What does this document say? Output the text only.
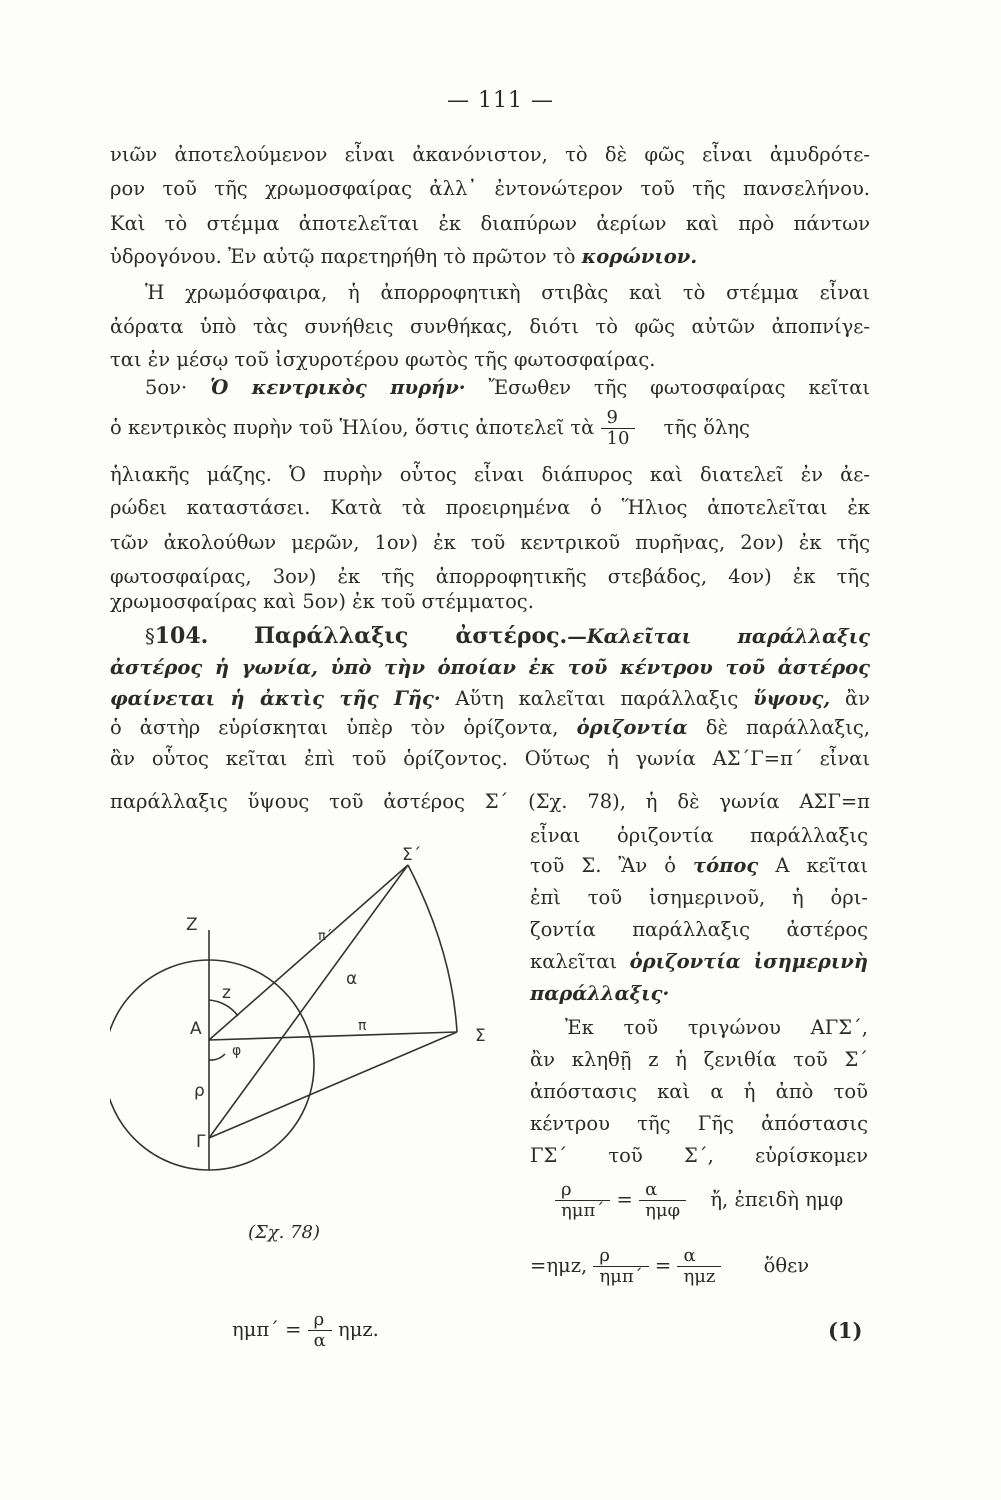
— 111 —
νιῶν ἀποτελούμενον εἶναι ἀκανόνιστον, τὸ δὲ φῶς εἶναι ἀμυδρότε-
ρον τοῦ τῆς χρωμοσφαίρας ἀλλ᾿ ἐντονώτερον τοῦ τῆς πανσελήνου.
Καὶ τὸ στέμμα ἀποτελεῖται ἐκ διαπύρων ἀερίων καὶ πρὸ πάντων
ὑδρογόνου. Ἐν αὐτῷ παρετηρήθη τὸ πρῶτον τὸ κορώνιον.
Ἡ χρωμόσφαιρα, ἡ ἀπορροφητικὴ στιβὰς καὶ τὸ στέμμα εἶναι
ἀόρατα ὑπὸ τὰς συνήθεις συνθήκας, διότι τὸ φῶς αὐτῶν ἀποπνίγε-
ται ἐν μέσῳ τοῦ ἰσχυροτέρου φωτὸς τῆς φωτοσφαίρας.
5ον· Ὁ κεντρικὸς πυρήν· Ἔσωθεν τῆς φωτοσφαίρας κεῖται
ὁ κεντρικὸς πυρὴν τοῦ Ἡλίου, ὅστις ἀποτελεῖ τὰ $\frac{9}{10}$ τῆς ὅλης
ἡλιακῆς μάζης. Ὁ πυρὴν οὗτος εἶναι διάπυρος καὶ διατελεῖ ἐν ἀε-
ρώδει καταστάσει. Κατὰ τὰ προειρημένα ὁ Ἥλιος ἀποτελεῖται ἐκ
τῶν ἀκολούθων μερῶν, 1ον) ἐκ τοῦ κεντρικοῦ πυρῆνας, 2ον) ἐκ τῆς
φωτοσφαίρας, 3ον) ἐκ τῆς ἀπορροφητικῆς στεβάδος, 4ον) ἐκ τῆς
χρωμοσφαίρας καὶ 5ον) ἐκ τοῦ στέμματος.
§104. Παράλλαξις ἀστέρος.—Καλεῖται παράλλαξις
ἀστέρος ἡ γωνία, ὑπὸ τὴν ὁποίαν ἐκ τοῦ κέντρου τοῦ ἀστέρος
φαίνεται ἡ ἀκτὶς τῆς Γῆς· Αὕτη καλεῖται παράλλαξις ὕψους, ἂν
ὁ ἀστὴρ εὑρίσκηται ὑπὲρ τὸν ὁρίζοντα, ὁριζοντία δὲ παράλλαξις,
ἂν οὗτος κεῖται ἐπὶ τοῦ ὁρίζοντος. Οὕτως ἡ γωνία ΑΣ΄Γ=π΄ εἶναι
παράλλαξις ὕψους τοῦ ἀστέρος Σ΄ (Σχ. 78), ἡ δὲ γωνία ΑΣΓ=π
εἶναι ὁριζοντία παράλλαξις
τοῦ Σ. Ἂν ὁ τόπος Α κεῖται
ἐπὶ τοῦ ἰσημερινοῦ, ἡ ὁρι-
ζοντία παράλλαξις ἀστέρος
καλεῖται ὁριζοντία ἰσημερινὴ
παράλλαξις·
Ἐκ τοῦ τριγώνου ΑΓΣ΄,
ἂν κληθῇ z ἡ ζενιθία τοῦ Σ΄
ἀπόστασις καὶ α ἡ ἀπὸ τοῦ
κέντρου τῆς Γῆς ἀπόστασις
ΓΣ΄ τοῦ Σ΄, εὑρίσκομεν
$\frac{\rho}{\text{ημπ΄}} = \frac{\alpha}{\text{ημφ}}$ ἤ, ἐπειδὴ ημφ
=ημz, $\frac{\rho}{\text{ημπ΄}} = \frac{\alpha}{\text{ημz}}$ ὅθεν
$\eta\mu\pi΄ = \frac{\rho}{\alpha} \eta\mu z$.	(1)
Z
z
A
φ
ρ
Γ
Σ
Σ΄
π΄
π
α
(Σχ. 78)
